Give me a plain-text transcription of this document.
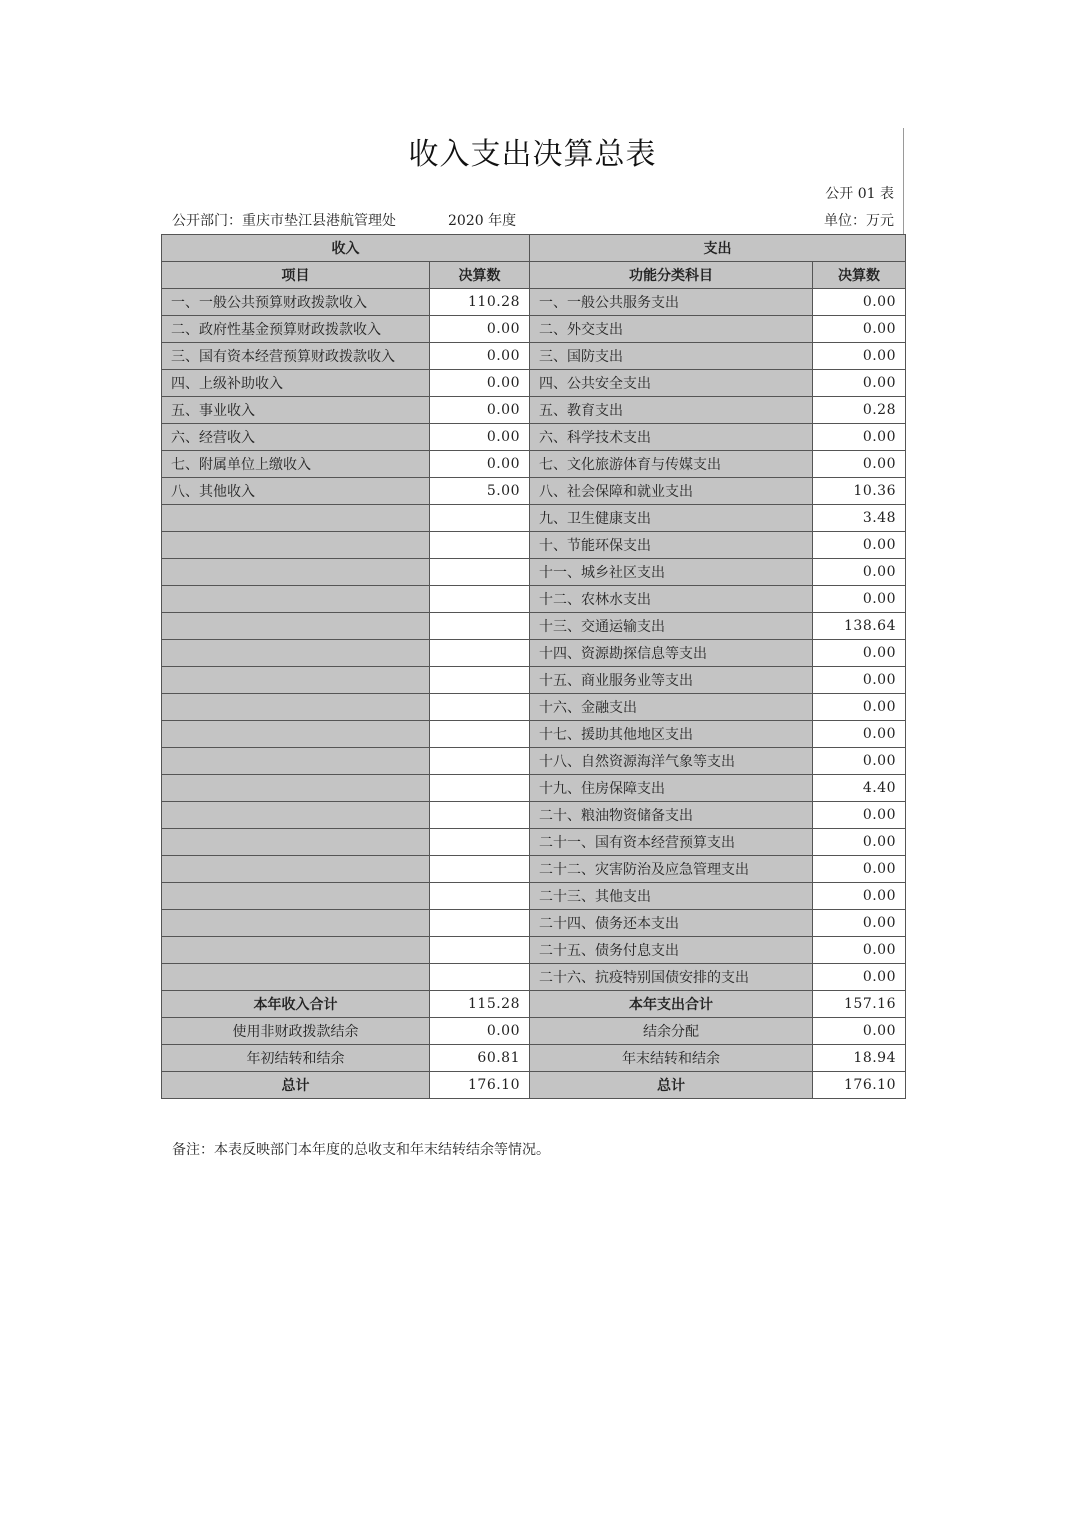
收入支出决算总表
公开 01 表
公开部门：重庆市垫江县港航管理处	2020 年度	单位：万元
收入		支出	
项目	决算数	功能分类科目	决算数
一、一般公共预算财政拨款收入	110.28	一、一般公共服务支出	0.00
二、政府性基金预算财政拨款收入	0.00	二、外交支出	0.00
三、国有资本经营预算财政拨款收入	0.00	三、国防支出	0.00
四、上级补助收入	0.00	四、公共安全支出	0.00
五、事业收入	0.00	五、教育支出	0.28
六、经营收入	0.00	六、科学技术支出	0.00
七、附属单位上缴收入	0.00	七、文化旅游体育与传媒支出	0.00
八、其他收入	5.00	八、社会保障和就业支出	10.36
		九、卫生健康支出	3.48
		十、节能环保支出	0.00
		十一、城乡社区支出	0.00
		十二、农林水支出	0.00
		十三、交通运输支出	138.64
		十四、资源勘探信息等支出	0.00
		十五、商业服务业等支出	0.00
		十六、金融支出	0.00
		十七、援助其他地区支出	0.00
		十八、自然资源海洋气象等支出	0.00
		十九、住房保障支出	4.40
		二十、粮油物资储备支出	0.00
		二十一、国有资本经营预算支出	0.00
		二十二、灾害防治及应急管理支出	0.00
		二十三、其他支出	0.00
		二十四、债务还本支出	0.00
		二十五、债务付息支出	0.00
		二十六、抗疫特别国债安排的支出	0.00
本年收入合计	115.28	本年支出合计	157.16
使用非财政拨款结余	0.00	结余分配	0.00
年初结转和结余	60.81	年末结转和结余	18.94
总计	176.10	总计	176.10
备注：本表反映部门本年度的总收支和年末结转结余等情况。
